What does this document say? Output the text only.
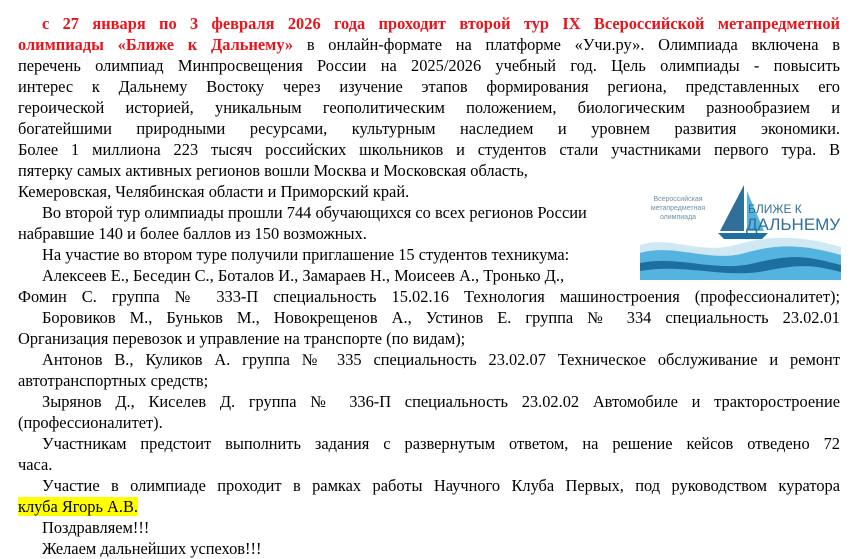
с 27 января по 3 февраля 2026 года проходит второй тур IX Всероссийской метапредметной
олимпиады «Ближе к Дальнему» в онлайн-формате на платформе «Учи.ру». Олимпиада включена в
перечень олимпиад Минпросвещения России на 2025/2026 учебный год. Цель олимпиады - повысить
интерес к Дальнему Востоку через изучение этапов формирования региона, представленных его
героической историей, уникальным геополитическим положением, биологическим разнообразием и
богатейшими природными ресурсами, культурным наследием и уровнем развития экономики.
Более 1 миллиона 223 тысяч российских школьников и студентов стали участниками первого тура. В
пятерку самых активных регионов вошли Москва и Московская область,
Кемеровская, Челябинская области и Приморский край.
Во второй тур олимпиады прошли 744 обучающихся со всех регионов России
набравшие 140 и более баллов из 150 возможных.
На участие во втором туре получили приглашение 15 студентов техникума:
Алексеев Е., Беседин С., Боталов И., Замараев Н., Моисеев А., Тронько Д.,
Фомин С. группа № 333-П специальность 15.02.16 Технология машиностроения (профессионалитет);
Боровиков М., Буньков М., Новокрещенов А., Устинов Е. группа № 334 специальность 23.02.01
Организация перевозок и управление на транспорте (по видам);
Антонов В., Куликов А. группа № 335 специальность 23.02.07 Техническое обслуживание и ремонт
автотранспортных средств;
Зырянов Д., Киселев Д. группа № 336-П специальность 23.02.02 Автомобиле и тракторостроение
(профессионалитет).
Участникам предстоит выполнить задания с развернутым ответом, на решение кейсов отведено 72
часа.
Участие в олимпиаде проходит в рамках работы Научного Клуба Первых, под руководством куратора
клуба Ягорь А.В.
Поздравляем!!!
Желаем дальнейших успехов!!!
Всероссийская
метапредметная
олимпиада
БЛИЖЕ К
ДАЛЬНЕМУ
